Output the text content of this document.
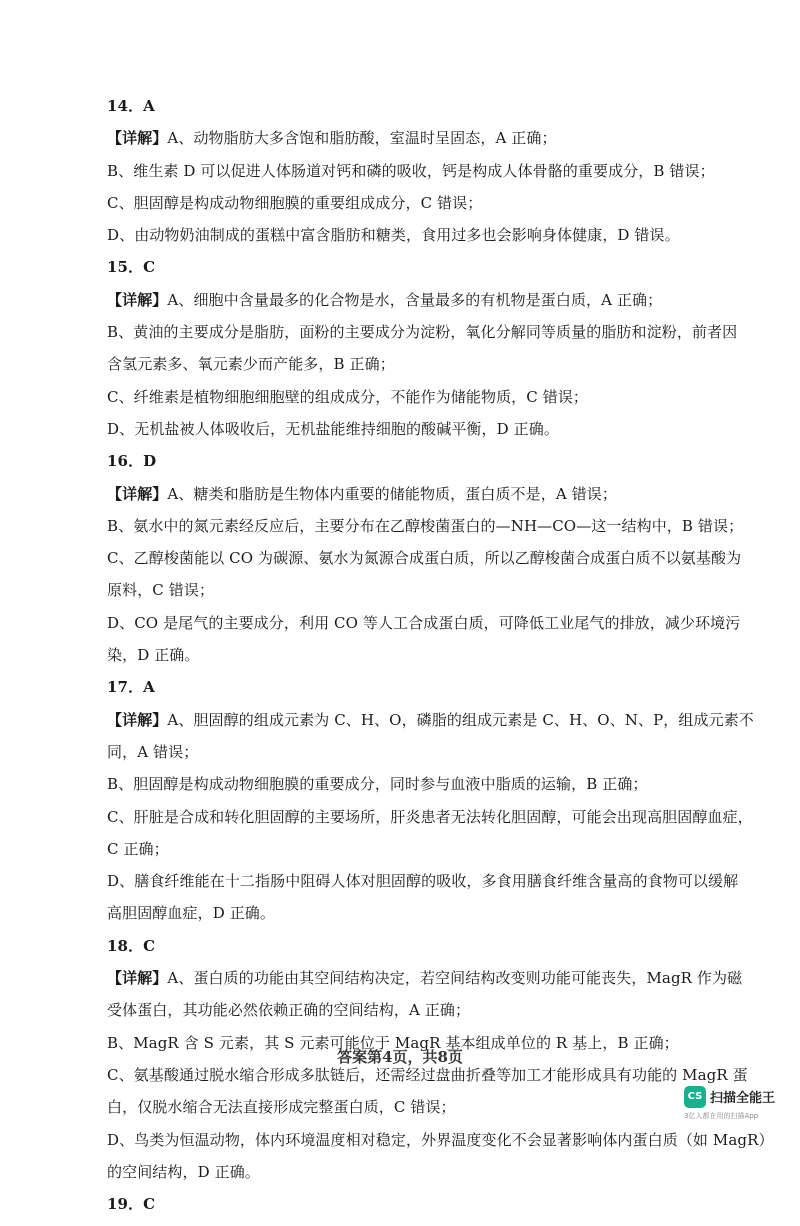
14．A
【详解】A、动物脂肪大多含饱和脂肪酸，室温时呈固态，A 正确；
B、维生素 D 可以促进人体肠道对钙和磷的吸收，钙是构成人体骨骼的重要成分，B 错误；
C、胆固醇是构成动物细胞膜的重要组成成分，C 错误；
D、由动物奶油制成的蛋糕中富含脂肪和糖类，食用过多也会影响身体健康，D 错误。
15．C
【详解】A、细胞中含量最多的化合物是水，含量最多的有机物是蛋白质，A 正确；
B、黄油的主要成分是脂肪，面粉的主要成分为淀粉，氧化分解同等质量的脂肪和淀粉，前者因
含氢元素多、氧元素少而产能多，B 正确；
C、纤维素是植物细胞细胞壁的组成成分，不能作为储能物质，C 错误；
D、无机盐被人体吸收后，无机盐能维持细胞的酸碱平衡，D 正确。
16．D
【详解】A、糖类和脂肪是生物体内重要的储能物质，蛋白质不是，A 错误；
B、氨水中的氮元素经反应后，主要分布在乙醇梭菌蛋白的—NH—CO—这一结构中，B 错误；
C、乙醇梭菌能以 CO 为碳源、氨水为氮源合成蛋白质，所以乙醇梭菌合成蛋白质不以氨基酸为
原料，C 错误；
D、CO 是尾气的主要成分，利用 CO 等人工合成蛋白质，可降低工业尾气的排放，减少环境污
染，D 正确。
17．A
【详解】A、胆固醇的组成元素为 C、H、O，磷脂的组成元素是 C、H、O、N、P，组成元素不
同，A 错误；
B、胆固醇是构成动物细胞膜的重要成分，同时参与血液中脂质的运输，B 正确；
C、肝脏是合成和转化胆固醇的主要场所，肝炎患者无法转化胆固醇，可能会出现高胆固醇血症，
C 正确；
D、膳食纤维能在十二指肠中阻碍人体对胆固醇的吸收，多食用膳食纤维含量高的食物可以缓解
高胆固醇血症，D 正确。
18．C
【详解】A、蛋白质的功能由其空间结构决定，若空间结构改变则功能可能丧失，MagR 作为磁
受体蛋白，其功能必然依赖正确的空间结构，A 正确；
B、MagR 含 S 元素，其 S 元素可能位于 MagR 基本组成单位的 R 基上，B 正确；
C、氨基酸通过脱水缩合形成多肽链后，还需经过盘曲折叠等加工才能形成具有功能的 MagR 蛋
白，仅脱水缩合无法直接形成完整蛋白质，C 错误；
D、鸟类为恒温动物，体内环境温度相对稳定，外界温度变化不会显著影响体内蛋白质（如 MagR）
的空间结构，D 正确。
19．C
答案第4页，共8页
CS 扫描全能王
3亿人都在用的扫描App
